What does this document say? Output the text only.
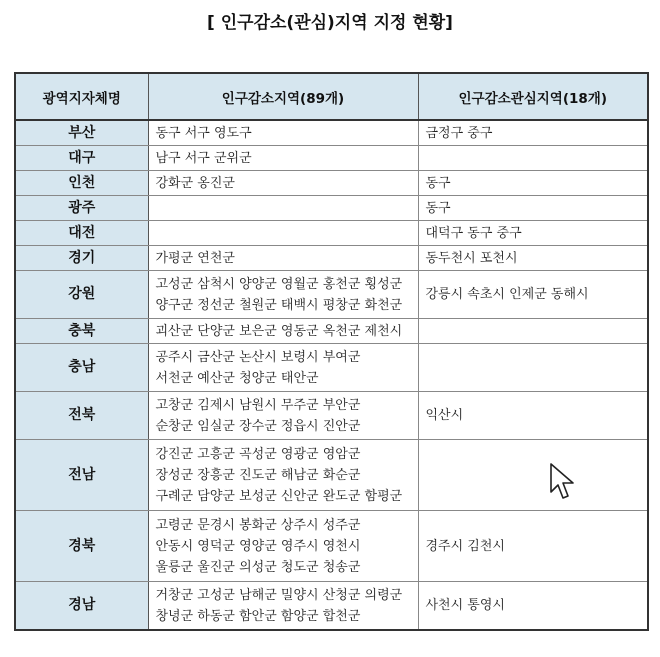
[ 인구감소(관심)지역 지정 현황]
광역지자체명	인구감소지역(89개)	인구감소관심지역(18개)
부산	동구 서구 영도구	금정구 중구
대구	남구 서구 군위군	

인천	강화군 옹진군	동구
광주		동구
대전		대덕구 동구 중구
경기	가평군 연천군	동두천시 포천시
강원	고성군 삼척시 양양군 영월군 홍천군 횡성군
양구군 정선군 철원군 태백시 평창군 화천군	강릉시 속초시 인제군 동해시
충북	괴산군 단양군 보은군 영동군 옥천군 제천시	

충남	공주시 금산군 논산시 보령시 부여군
서천군 예산군 청양군 태안군	

전북	고창군 김제시 남원시 무주군 부안군
순창군 임실군 장수군 정읍시 진안군	익산시
전남	강진군 고흥군 곡성군 영광군 영암군
장성군 장흥군 진도군 해남군 화순군
구례군 담양군 보성군 신안군 완도군 함평군	

경북	고령군 문경시 봉화군 상주시 성주군
안동시 영덕군 영양군 영주시 영천시
울릉군 울진군 의성군 청도군 청송군	경주시 김천시
경남	거창군 고성군 남해군 밀양시 산청군 의령군
창녕군 하동군 함안군 함양군 합천군	사천시 통영시
